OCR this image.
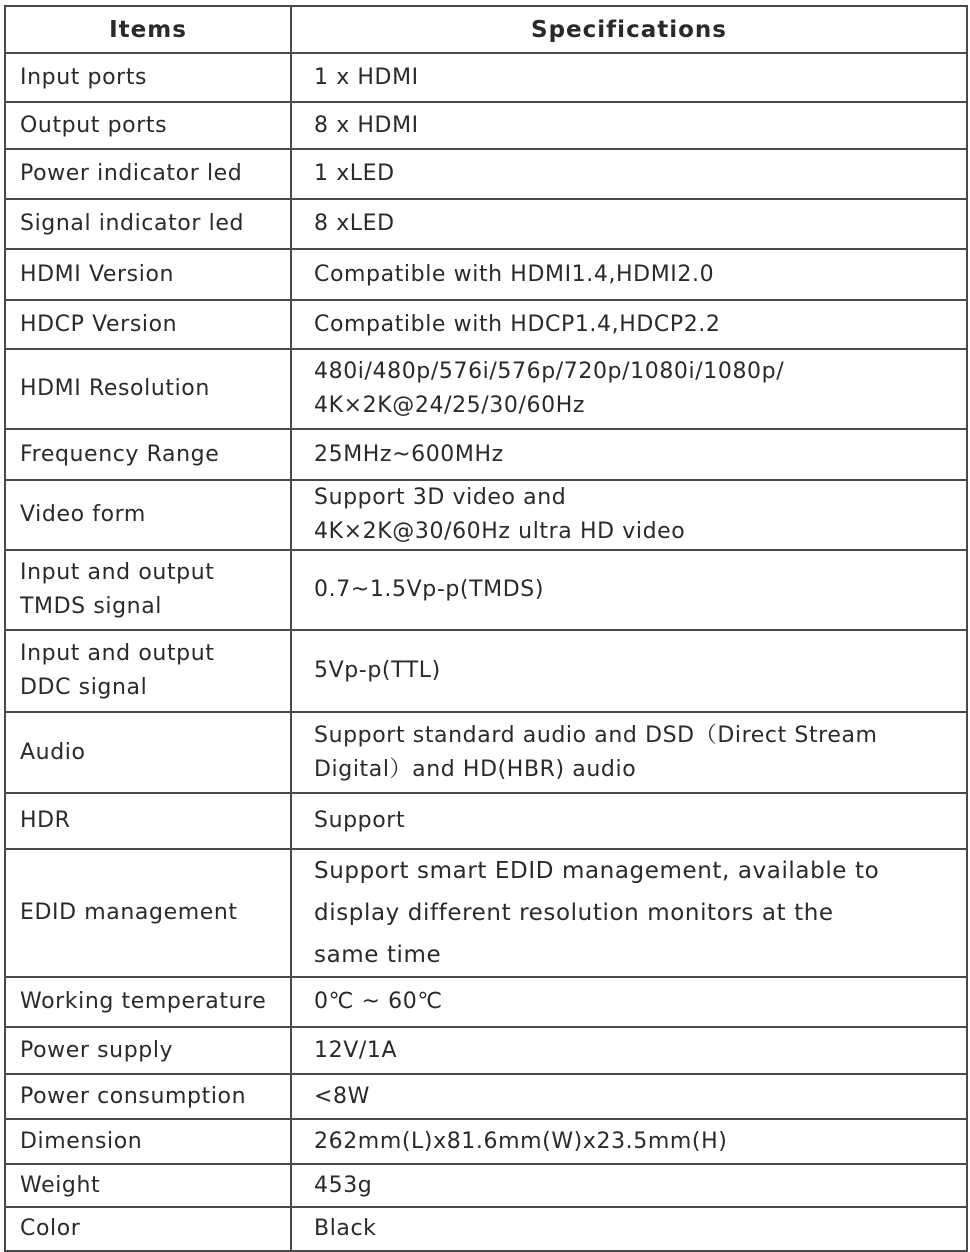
Items	Specifications
Input ports	1 x HDMI
Output ports	8 x HDMI
Power indicator led	1 xLED
Signal indicator led	8 xLED
HDMI Version	Compatible with HDMI1.4,HDMI2.0
HDCP Version	Compatible with HDCP1.4,HDCP2.2
HDMI Resolution	480i/480p/576i/576p/720p/1080i/1080p/
4K×2K@24/25/30/60Hz

Frequency Range	25MHz~600MHz
Video form	Support 3D video and
4K×2K@30/60Hz ultra HD video

Input and output
TMDS signal	0.7~1.5Vp-p(TMDS)

Input and output
DDC signal	5Vp-p(TTL)
Audio	Support standard audio and DSD（Direct Stream
Digital）and HD(HBR) audio

HDR	Support
EDID management	Support smart EDID management, available to
display different resolution monitors at the
same time

Working temperature	0℃ ~ 60℃
Power supply	12V/1A
Power consumption	<8W
Dimension	262mm(L)x81.6mm(W)x23.5mm(H)
Weight	453g
Color	Black
